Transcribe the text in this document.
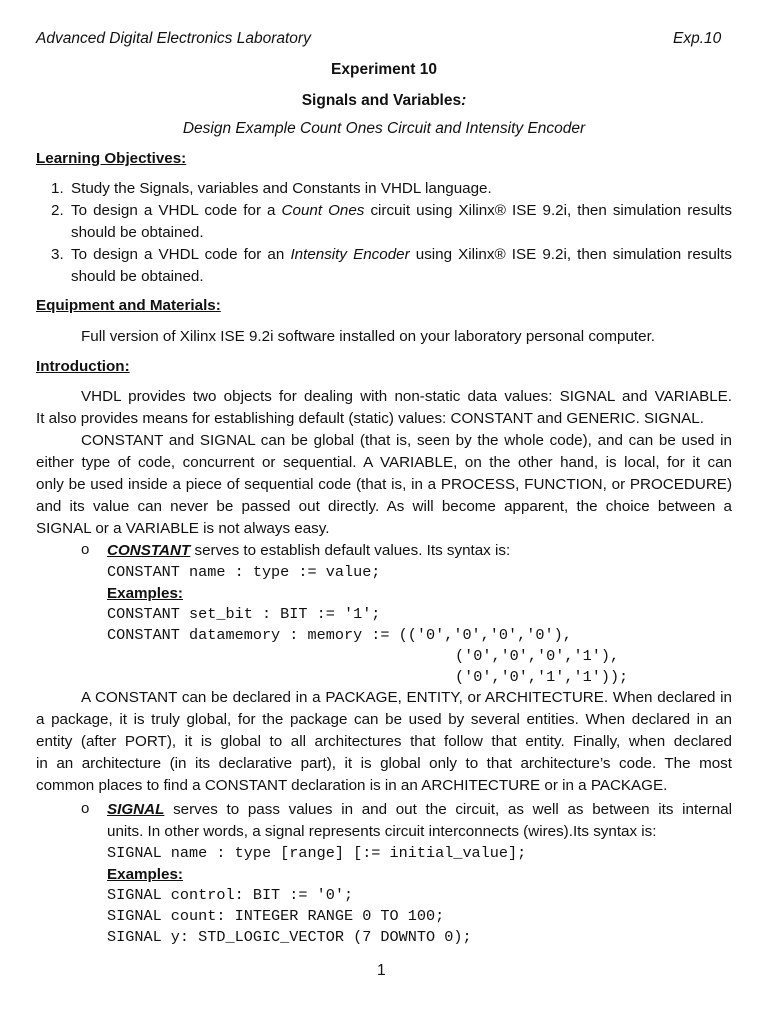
Advanced Digital Electronics Laboratory	Exp.10
Experiment 10
Signals and Variables:
Design Example Count Ones Circuit and Intensity Encoder
Learning Objectives:
1. Study the Signals, variables and Constants in VHDL language.
2. To design a VHDL code for a Count Ones circuit using Xilinx® ISE 9.2i, then simulation results
should be obtained.
3. To design a VHDL code for an Intensity Encoder using Xilinx® ISE 9.2i, then simulation results
should be obtained.
Equipment and Materials:
Full version of Xilinx ISE 9.2i software installed on your laboratory personal computer.
Introduction:
VHDL provides two objects for dealing with non-static data values: SIGNAL and VARIABLE.
It also provides means for establishing default (static) values: CONSTANT and GENERIC. SIGNAL.
CONSTANT and SIGNAL can be global (that is, seen by the whole code), and can be used in
either type of code, concurrent or sequential. A VARIABLE, on the other hand, is local, for it can
only be used inside a piece of sequential code (that is, in a PROCESS, FUNCTION, or PROCEDURE)
and its value can never be passed out directly. As will become apparent, the choice between a
SIGNAL or a VARIABLE is not always easy.
o CONSTANT serves to establish default values. Its syntax is:
CONSTANT name : type := value;
Examples:
CONSTANT set_bit : BIT := '1';
CONSTANT datamemory : memory := (('0','0','0','0'),
('0','0','0','1'),
('0','0','1','1'));
A CONSTANT can be declared in a PACKAGE, ENTITY, or ARCHITECTURE. When declared in
a package, it is truly global, for the package can be used by several entities. When declared in an
entity (after PORT), it is global to all architectures that follow that entity. Finally, when declared
in an architecture (in its declarative part), it is global only to that architecture’s code. The most
common places to find a CONSTANT declaration is in an ARCHITECTURE or in a PACKAGE.
o SIGNAL serves to pass values in and out the circuit, as well as between its internal
units. In other words, a signal represents circuit interconnects (wires).Its syntax is:
SIGNAL name : type [range] [:= initial_value];
Examples:
SIGNAL control: BIT := '0';
SIGNAL count: INTEGER RANGE 0 TO 100;
SIGNAL y: STD_LOGIC_VECTOR (7 DOWNTO 0);
1
